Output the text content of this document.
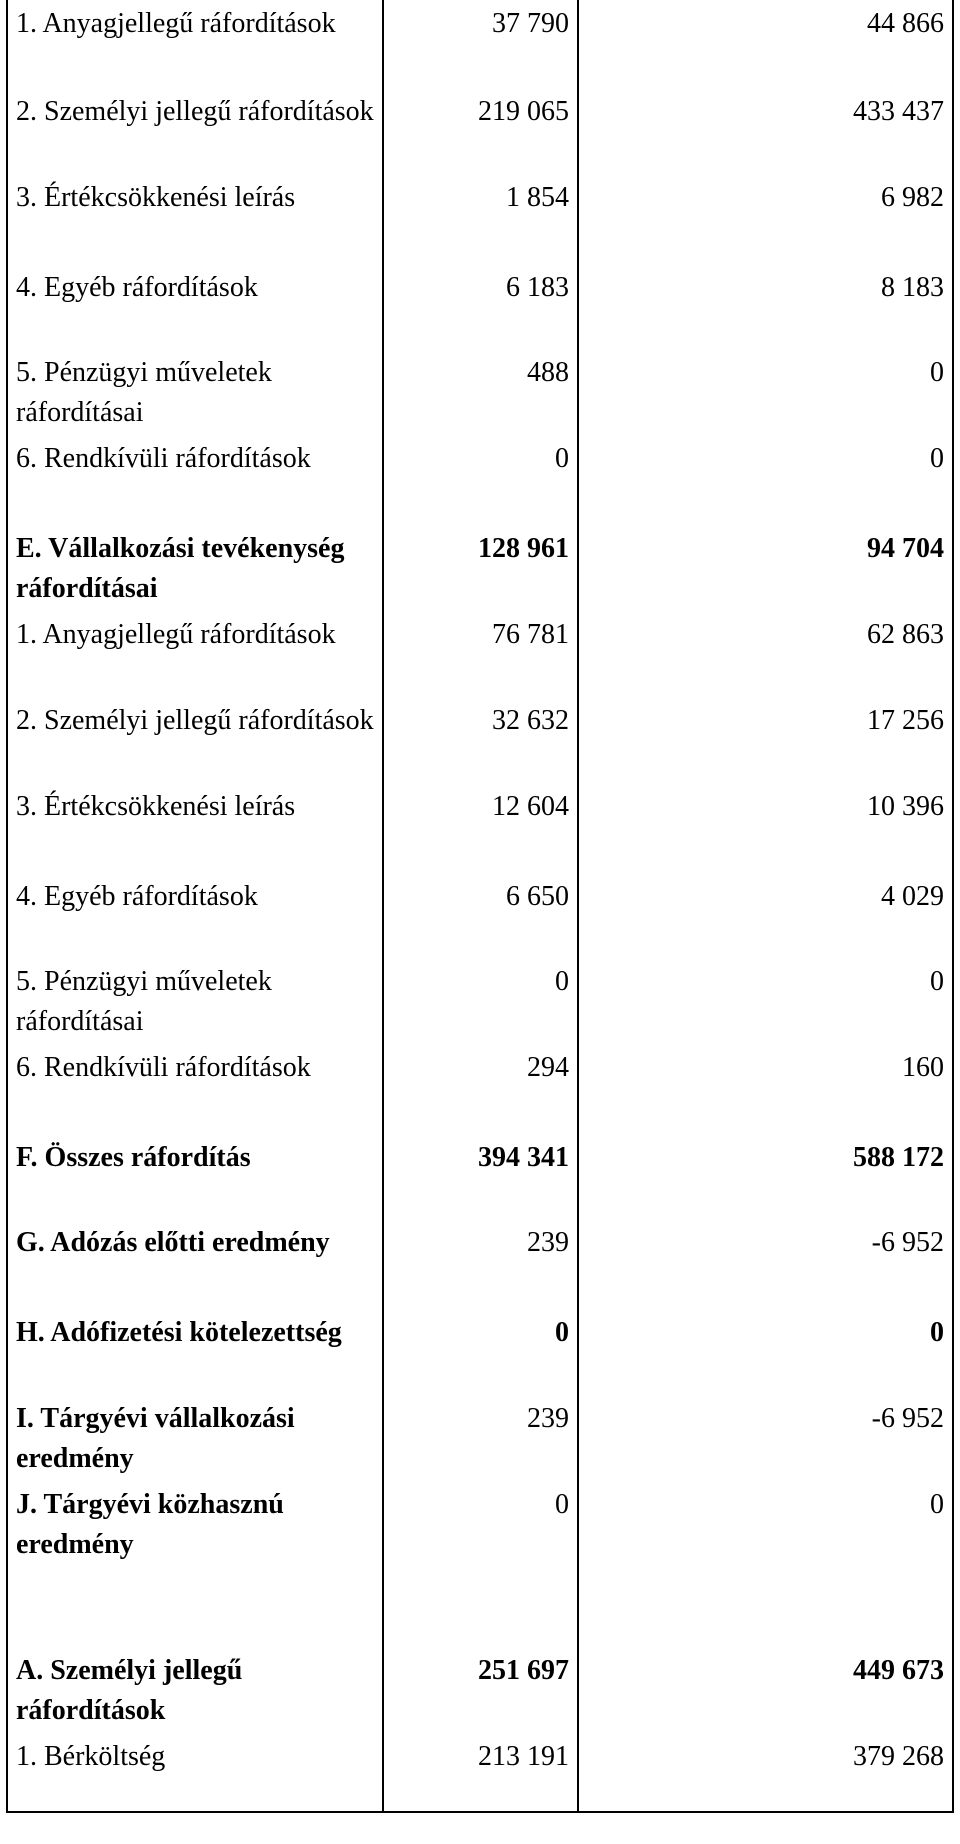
1. Anyagjellegű ráfordítások	37 790	44 866
2. Személyi jellegű ráfordítások	219 065	433 437
3. Értékcsökkenési leírás	1 854	6 982
4. Egyéb ráfordítások	6 183	8 183
5. Pénzügyi műveletek ráfordításai	488	0
6. Rendkívüli ráfordítások	0	0
E. Vállalkozási tevékenység ráfordításai	128 961	94 704
1. Anyagjellegű ráfordítások	76 781	62 863
2. Személyi jellegű ráfordítások	32 632	17 256
3. Értékcsökkenési leírás	12 604	10 396
4. Egyéb ráfordítások	6 650	4 029
5. Pénzügyi műveletek ráfordításai	0	0
6. Rendkívüli ráfordítások	294	160
F. Összes ráfordítás	394 341	588 172
G. Adózás előtti eredmény	239	-6 952
H. Adófizetési kötelezettség	0	0
I. Tárgyévi vállalkozási eredmény	239	-6 952
J. Tárgyévi közhasznú eredmény	0	0

A. Személyi jellegű ráfordítások	251 697	449 673
1. Bérköltség	213 191	379 268
